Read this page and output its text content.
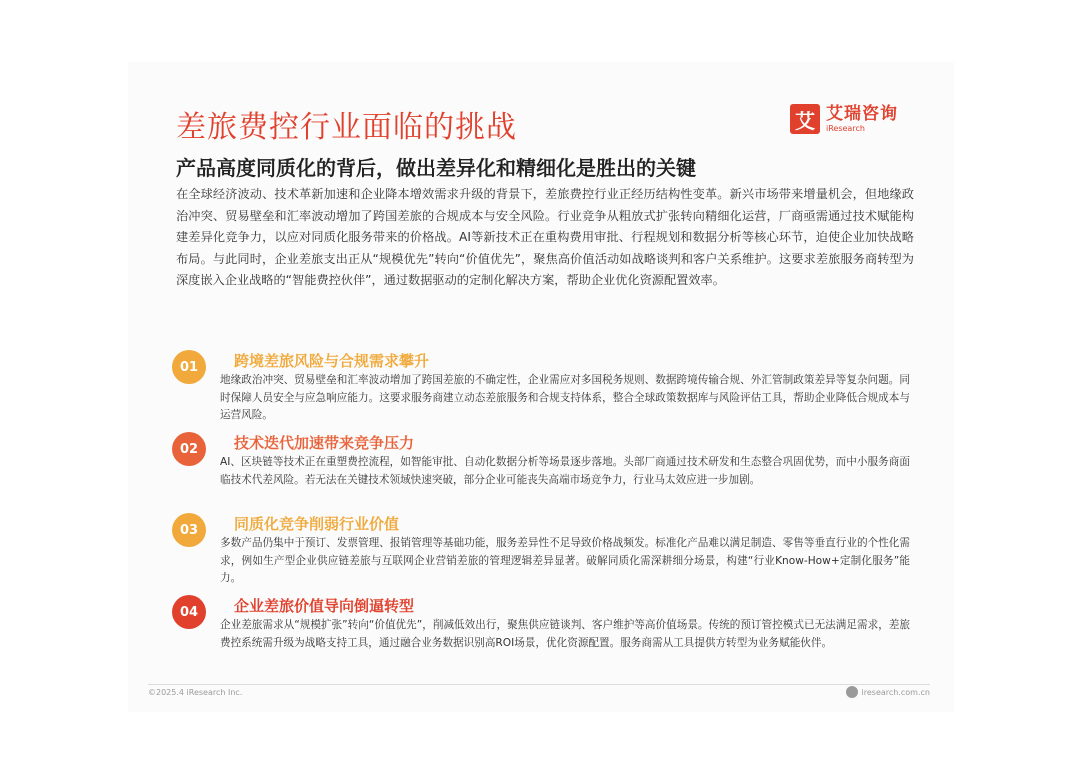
差旅费控行业面临的挑战	艾 艾瑞咨询
iResearch
产品高度同质化的背后，做出差异化和精细化是胜出的关键
在全球经济波动、技术革新加速和企业降本增效需求升级的背景下，差旅费控行业正经历结构性变革。新兴市场带来增量机会，但地缘政治冲突、贸易壁垒和汇率波动增加了跨国差旅的合规成本与安全风险。行业竞争从粗放式扩张转向精细化运营，厂商亟需通过技术赋能构建差异化竞争力，以应对同质化服务带来的价格战。AI等新技术正在重构费用审批、行程规划和数据分析等核心环节，迫使企业加快战略布局。与此同时，企业差旅支出正从“规模优先”转向“价值优先”，聚焦高价值活动如战略谈判和客户关系维护。这要求差旅服务商转型为深度嵌入企业战略的“智能费控伙伴”，通过数据驱动的定制化解决方案，帮助企业优化资源配置效率。
01	跨境差旅风险与合规需求攀升
地缘政治冲突、贸易壁垒和汇率波动增加了跨国差旅的不确定性，企业需应对多国税务规则、数据跨境传输合规、外汇管制政策差异等复杂问题。同时保障人员安全与应急响应能力。这要求服务商建立动态差旅服务和合规支持体系，整合全球政策数据库与风险评估工具，帮助企业降低合规成本与运营风险。
02	技术迭代加速带来竞争压力
AI、区块链等技术正在重塑费控流程，如智能审批、自动化数据分析等场景逐步落地。头部厂商通过技术研发和生态整合巩固优势，而中小服务商面临技术代差风险。若无法在关键技术领域快速突破，部分企业可能丧失高端市场竞争力，行业马太效应进一步加剧。
03	同质化竞争削弱行业价值
多数产品仍集中于预订、发票管理、报销管理等基础功能，服务差异性不足导致价格战频发。标准化产品难以满足制造、零售等垂直行业的个性化需求，例如生产型企业供应链差旅与互联网企业营销差旅的管理逻辑差异显著。破解同质化需深耕细分场景，构建“行业Know-How+定制化服务”能力。
04	企业差旅价值导向倒逼转型
企业差旅需求从“规模扩张”转向“价值优先”，削减低效出行，聚焦供应链谈判、客户维护等高价值场景。传统的预订管控模式已无法满足需求，差旅费控系统需升级为战略支持工具，通过融合业务数据识别高ROI场景，优化资源配置。服务商需从工具提供方转型为业务赋能伙伴。
©2025.4 iResearch Inc.	iresearch.com.cn
